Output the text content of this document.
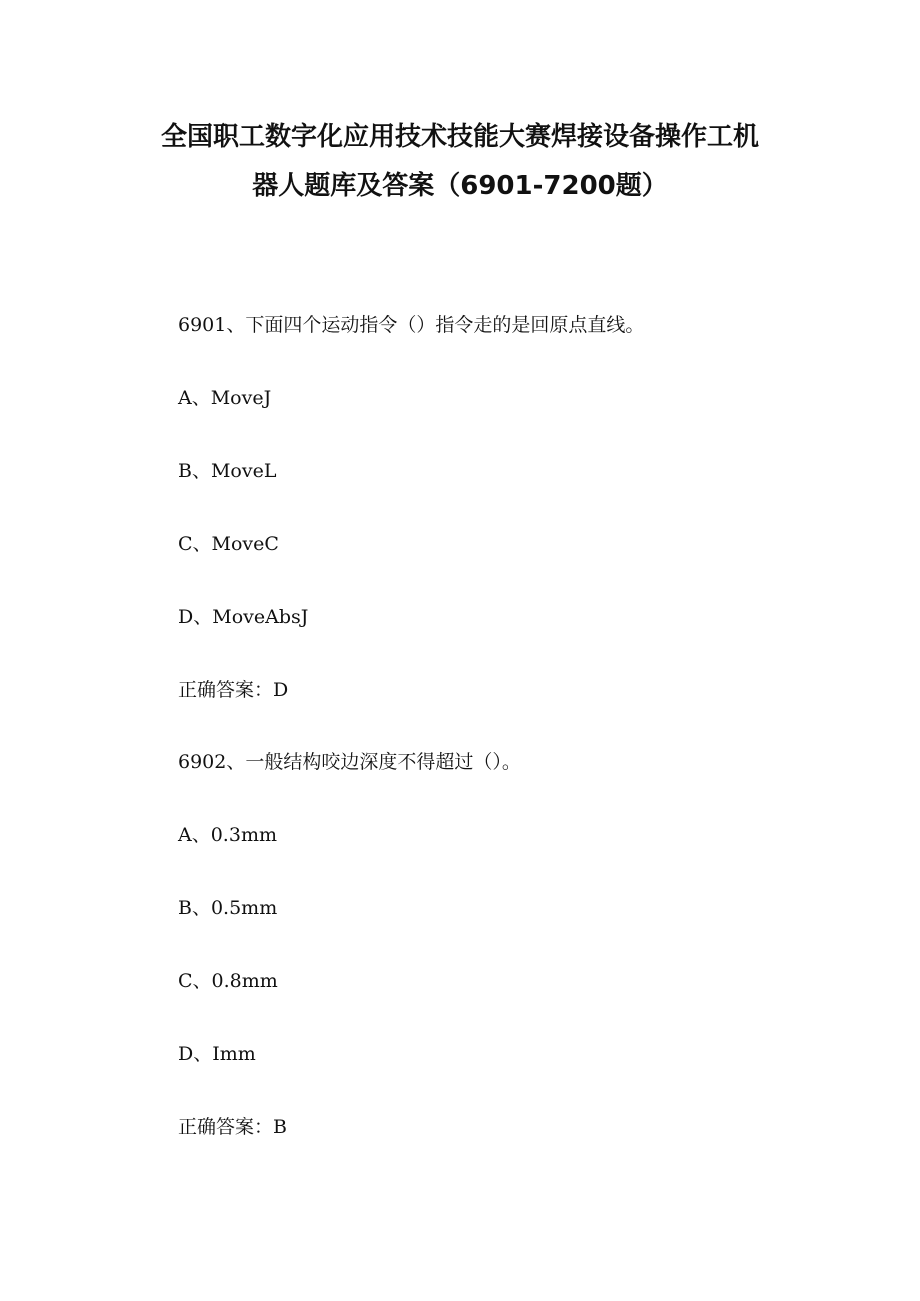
全国职工数字化应用技术技能大赛焊接设备操作工机
器人题库及答案（6901-7200题）

6901、下面四个运动指令（）指令走的是回原点直线。

A、MoveJ

B、MoveL

C、MoveC

D、MoveAbsJ

正确答案：D

6902、一般结构咬边深度不得超过（）。

A、0.3mm

B、0.5mm

C、0.8mm

D、Imm

正确答案：B
